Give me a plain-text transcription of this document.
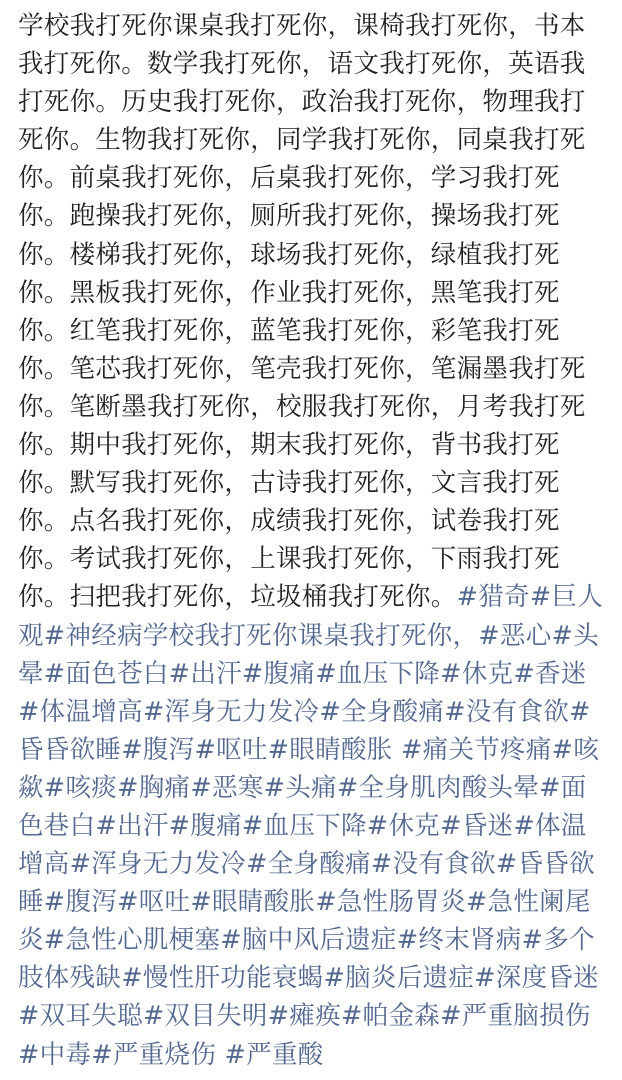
学校我打死你课桌我打死你，课椅我打死你，书本我打死你。数学我打死你，语文我打死你，英语我打死你。历史我打死你，政治我打死你，物理我打死你。生物我打死你，同学我打死你，同桌我打死你。前桌我打死你，后桌我打死你，学习我打死你。跑操我打死你，厕所我打死你，操场我打死你。楼梯我打死你，球场我打死你，绿植我打死你。黑板我打死你，作业我打死你，黑笔我打死你。红笔我打死你，蓝笔我打死你，彩笔我打死你。笔芯我打死你，笔壳我打死你，笔漏墨我打死你。笔断墨我打死你，校服我打死你，月考我打死你。期中我打死你，期末我打死你，背书我打死你。默写我打死你，古诗我打死你，文言我打死你。点名我打死你，成绩我打死你，试卷我打死你。考试我打死你，上课我打死你，下雨我打死你。扫把我打死你，垃圾桶我打死你。#猎奇#巨人观#神经病学校我打死你课桌我打死你，#恶心#头晕#面色苍白#出汗#腹痛#血压下降#休克#香迷#体温增高#浑身无力发冷#全身酸痛#没有食欲#昏昏欲睡#腹泻#呕吐#眼睛酸胀 #痛关节疼痛#咳歘#咳痰#胸痛#恶寒#头痛#全身肌肉酸头晕#面色巷白#出汗#腹痛#血压下降#休克#昏迷#体温增高#浑身无力发冷#全身酸痛#没有食欲#昏昏欲睡#腹泻#呕吐#眼睛酸胀#急性肠胃炎#急性阑尾炎#急性心肌梗塞#脑中风后遗症#终末肾病#多个肢体残缺#慢性肝功能衰蝎#脑炎后遗症#深度昏迷#双耳失聪#双目失明#瘫痪#帕金森#严重脑损伤 #中毒#严重烧伤 #严重酸
